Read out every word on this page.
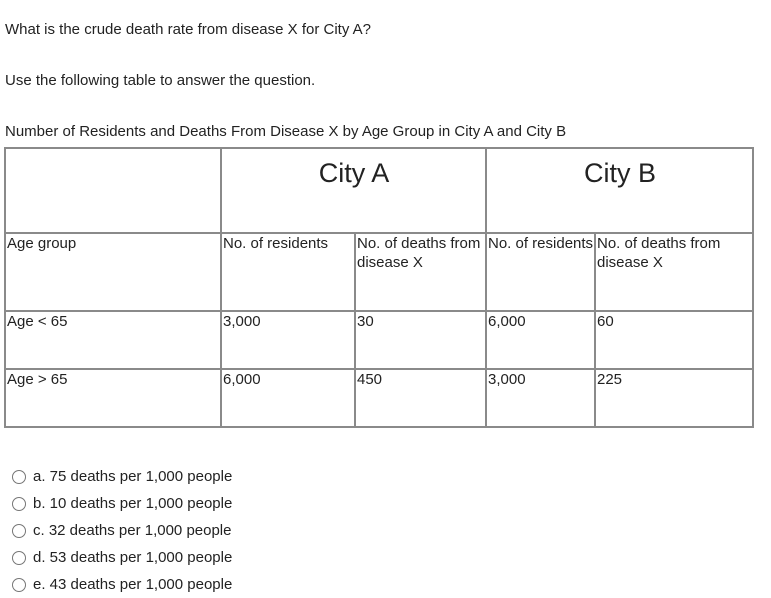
What is the crude death rate from disease X for City A?

Use the following table to answer the question.

Number of Residents and Deaths From Disease X by Age Group in City A and City B

	City A		City B	
Age group	No. of residents	No. of deaths from disease X	No. of residents	No. of deaths from disease X
Age < 65	3,000	30	6,000	60
Age > 65	6,000	450	3,000	225
a. 75 deaths per 1,000 people
b. 10 deaths per 1,000 people
c. 32 deaths per 1,000 people
d. 53 deaths per 1,000 people
e. 43 deaths per 1,000 people
